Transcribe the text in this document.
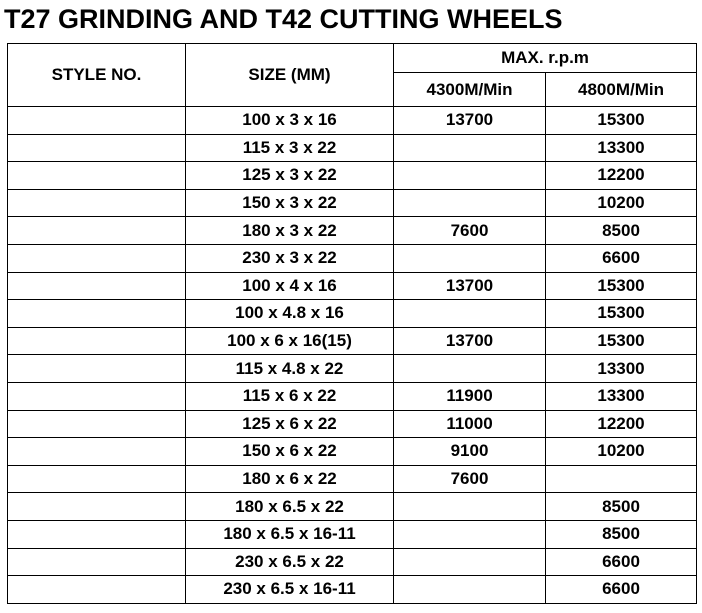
T27 GRINDING AND T42 CUTTING WHEELS
STYLE NO.	SIZE (MM)	MAX. r.p.m	
		4300M/Min	4800M/Min
	100 x 3 x 16	13700	15300
	115 x 3 x 22		13300
	125 x 3 x 22		12200
	150 x 3 x 22		10200
	180 x 3 x 22	7600	8500
	230 x 3 x 22		6600
	100 x 4 x 16	13700	15300
	100 x 4.8 x 16		15300
	100 x 6 x 16(15)	13700	15300
	115 x 4.8 x 22		13300
	115 x 6 x 22	11900	13300
	125 x 6 x 22	11000	12200
	150 x 6 x 22	9100	10200
	180 x 6 x 22	7600	
	180 x 6.5 x 22		8500
	180 x 6.5 x 16-11		8500
	230 x 6.5 x 22		6600
	230 x 6.5 x 16-11		6600
